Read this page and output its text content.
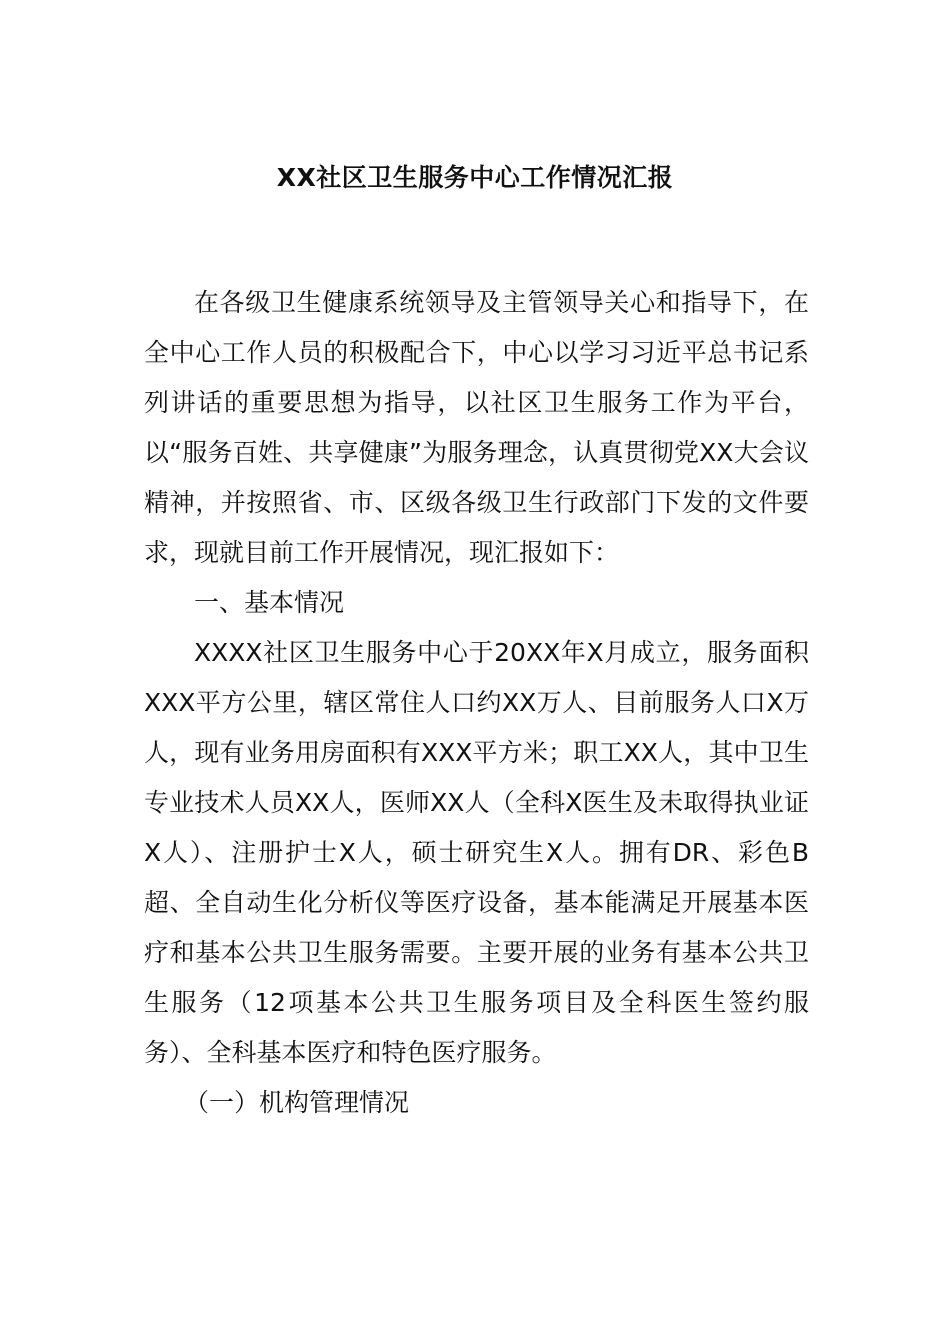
XX社区卫生服务中心工作情况汇报

在各级卫生健康系统领导及主管领导关心和指导下，在全中心工作人员的积极配合下，中心以学习习近平总书记系列讲话的重要思想为指导，以社区卫生服务工作为平台，以“服务百姓、共享健康”为服务理念，认真贯彻党XX大会议精神，并按照省、市、区级各级卫生行政部门下发的文件要求，现就目前工作开展情况，现汇报如下：

一、基本情况

XXXX社区卫生服务中心于20XX年X月成立，服务面积XXX平方公里，辖区常住人口约XX万人、目前服务人口X万人，现有业务用房面积有XXX平方米；职工XX人，其中卫生专业技术人员XX人，医师XX人（全科X医生及未取得执业证X人）、注册护士X人，硕士研究生X人。拥有DR、彩色B超、全自动生化分析仪等医疗设备，基本能满足开展基本医疗和基本公共卫生服务需要。主要开展的业务有基本公共卫生服务（12项基本公共卫生服务项目及全科医生签约服务）、全科基本医疗和特色医疗服务。

（一）机构管理情况
